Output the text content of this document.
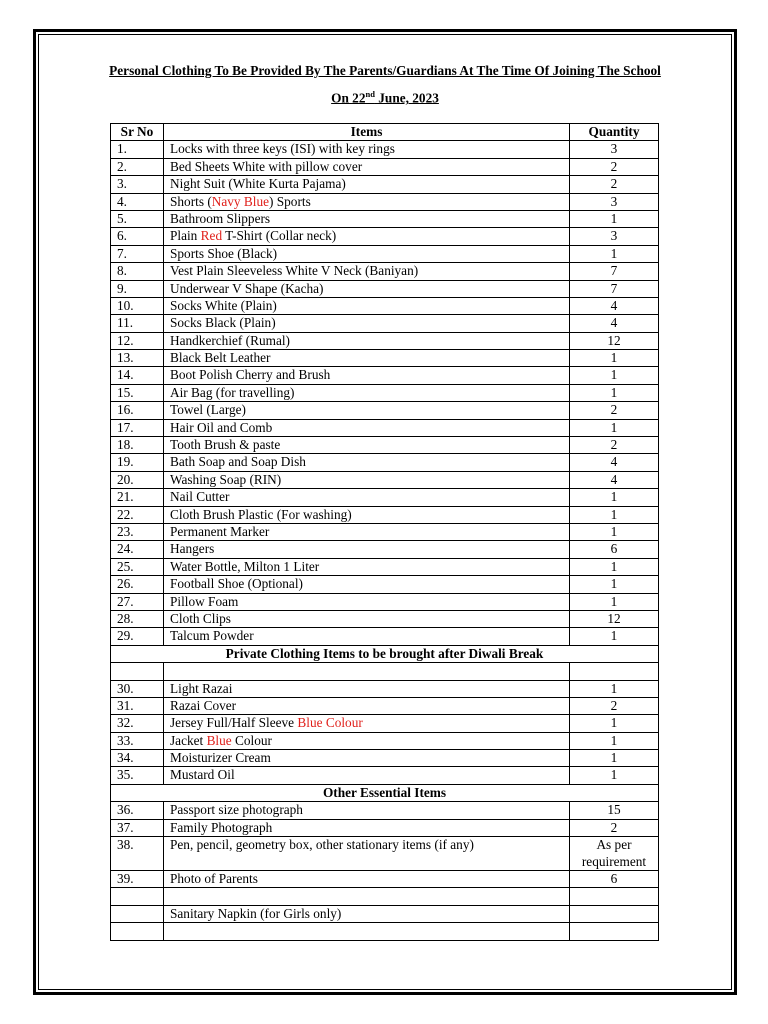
Personal Clothing To Be Provided By The Parents/Guardians At The Time Of Joining The School
On 22nd June, 2023
Sr No	Items	Quantity
1.	Locks with three keys (ISI) with key rings	3
2.	Bed Sheets White with pillow cover	2
3.	Night Suit (White Kurta Pajama)	2
4.	Shorts (Navy Blue) Sports	3
5.	Bathroom Slippers	1
6.	Plain Red T-Shirt (Collar neck)	3
7.	Sports Shoe (Black)	1
8.	Vest Plain Sleeveless White V Neck (Baniyan)	7
9.	Underwear V Shape (Kacha)	7
10.	Socks White (Plain)	4
11.	Socks Black (Plain)	4
12.	Handkerchief (Rumal)	12
13.	Black Belt Leather	1
14.	Boot Polish Cherry and Brush	1
15.	Air Bag (for travelling)	1
16.	Towel (Large)	2
17.	Hair Oil and Comb	1
18.	Tooth Brush & paste	2
19.	Bath Soap and Soap Dish	4
20.	Washing Soap (RIN)	4
21.	Nail Cutter	1
22.	Cloth Brush Plastic (For washing)	1
23.	Permanent Marker	1
24.	Hangers	6
25.	Water Bottle, Milton 1 Liter	1
26.	Football Shoe (Optional)	1
27.	Pillow Foam	1
28.	Cloth Clips	12
29.	Talcum Powder	1
Private Clothing Items to be brought after Diwali Break		

30.	Light Razai	1
31.	Razai Cover	2
32.	Jersey Full/Half Sleeve Blue Colour	1
33.	Jacket Blue Colour	1
34.	Moisturizer Cream	1
35.	Mustard Oil	1
Other Essential Items		
36.	Passport size photograph	15
37.	Family Photograph	2
38.	Pen, pencil, geometry box, other stationary items (if any)	As per requirement
39.	Photo of Parents	6

	Sanitary Napkin (for Girls only)	
